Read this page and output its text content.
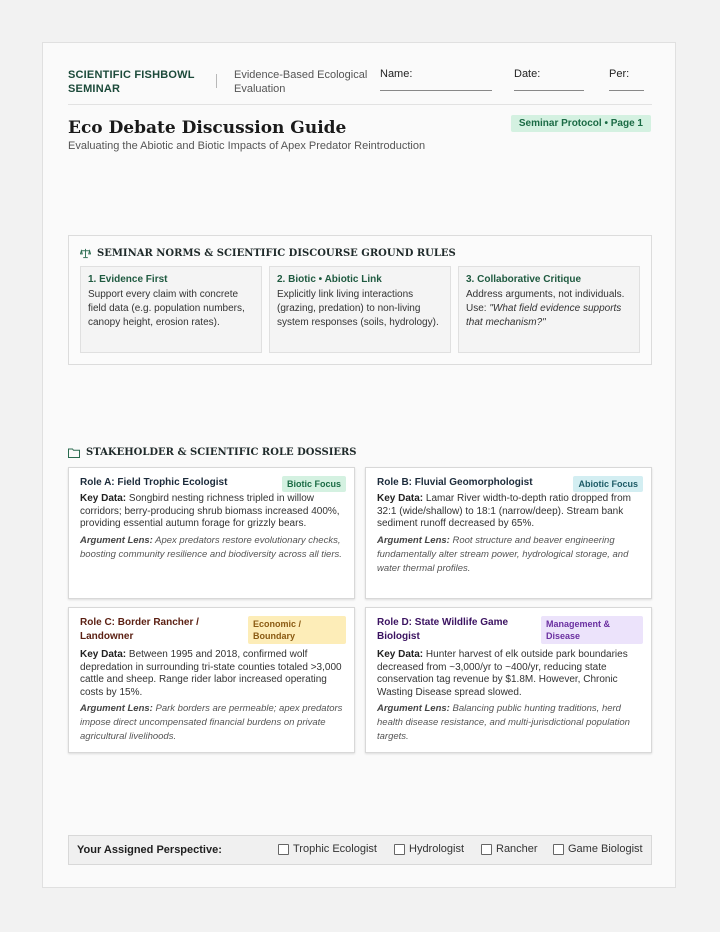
SCIENTIFIC FISHBOWL SEMINAR
Evidence-Based Ecological Evaluation
Name:	Date:	Per:
Eco Debate Discussion Guide
Evaluating the Abiotic and Biotic Impacts of Apex Predator Reintroduction
Seminar Protocol • Page 1
SEMINAR NORMS & SCIENTIFIC DISCOURSE GROUND RULES
1. Evidence First
Support every claim with concrete field data (e.g. population numbers, canopy height, erosion rates).
2. Biotic • Abiotic Link
Explicitly link living interactions (grazing, predation) to non-living system responses (soils, hydrology).
3. Collaborative Critique
Address arguments, not individuals. Use: "What field evidence supports that mechanism?"
STAKEHOLDER & SCIENTIFIC ROLE DOSSIERS
Role A: Field Trophic Ecologist	Biotic Focus
Key Data: Songbird nesting richness tripled in willow corridors; berry-producing shrub biomass increased 400%, providing essential autumn forage for grizzly bears.
Argument Lens: Apex predators restore evolutionary checks, boosting community resilience and biodiversity across all tiers.
Role B: Fluvial Geomorphologist	Abiotic Focus
Key Data: Lamar River width-to-depth ratio dropped from 32:1 (wide/shallow) to 18:1 (narrow/deep). Stream bank sediment runoff decreased by 65%.
Argument Lens: Root structure and beaver engineering fundamentally alter stream power, hydrological storage, and water thermal profiles.
Role C: Border Rancher / Landowner
Economic / Boundary
Key Data: Between 1995 and 2018, confirmed wolf depredation in surrounding tri-state counties totaled >3,000 cattle and sheep. Range rider labor increased operating costs by 15%.
Argument Lens: Park borders are permeable; apex predators impose direct uncompensated financial burdens on private agricultural livelihoods.
Role D: State Wildlife Game Biologist
Management & Disease
Key Data: Hunter harvest of elk outside park boundaries decreased from ~3,000/yr to ~400/yr, reducing state conservation tag revenue by $1.8M. However, Chronic Wasting Disease spread slowed.
Argument Lens: Balancing public hunting traditions, herd health disease resistance, and multi-jurisdictional population targets.
Your Assigned Perspective:	Trophic Ecologist	Hydrologist	Rancher	Game Biologist
